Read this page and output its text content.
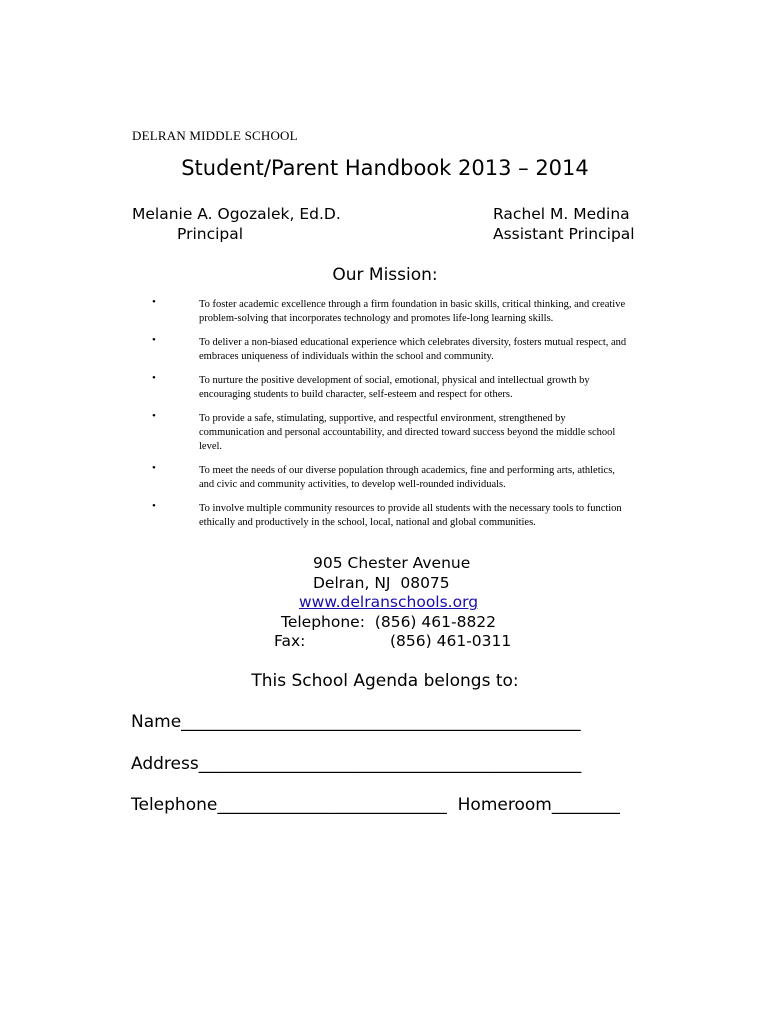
DELRAN MIDDLE SCHOOL
Student/Parent Handbook 2013 – 2014
Melanie A. Ogozalek, Ed.D.
Principal
Rachel M. Medina
Assistant Principal
Our Mission:
•	To foster academic excellence through a firm foundation in basic skills, critical thinking, and creative problem-solving that incorporates technology and promotes life-long learning skills.
•	To deliver a non-biased educational experience which celebrates diversity, fosters mutual respect, and embraces uniqueness of individuals within the school and community.
•	To nurture the positive development of social, emotional, physical and intellectual growth by encouraging students to build character, self-esteem and respect for others.
•	To provide a safe, stimulating, supportive, and respectful environment, strengthened by communication and personal accountability, and directed toward success beyond the middle school level.
•	To meet the needs of our diverse population through academics, fine and performing arts, athletics, and civic and community activities, to develop well-rounded individuals.
•	To involve multiple community resources to provide all students with the necessary tools to function ethically and productively in the school, local, national and global communities.
905 Chester Avenue
Delran, NJ  08075
www.delranschools.org
Telephone:  (856) 461-8822
Fax:	(856) 461-0311
This School Agenda belongs to:
Name_______________________________________________
Address_____________________________________________
Telephone___________________________  Homeroom________
